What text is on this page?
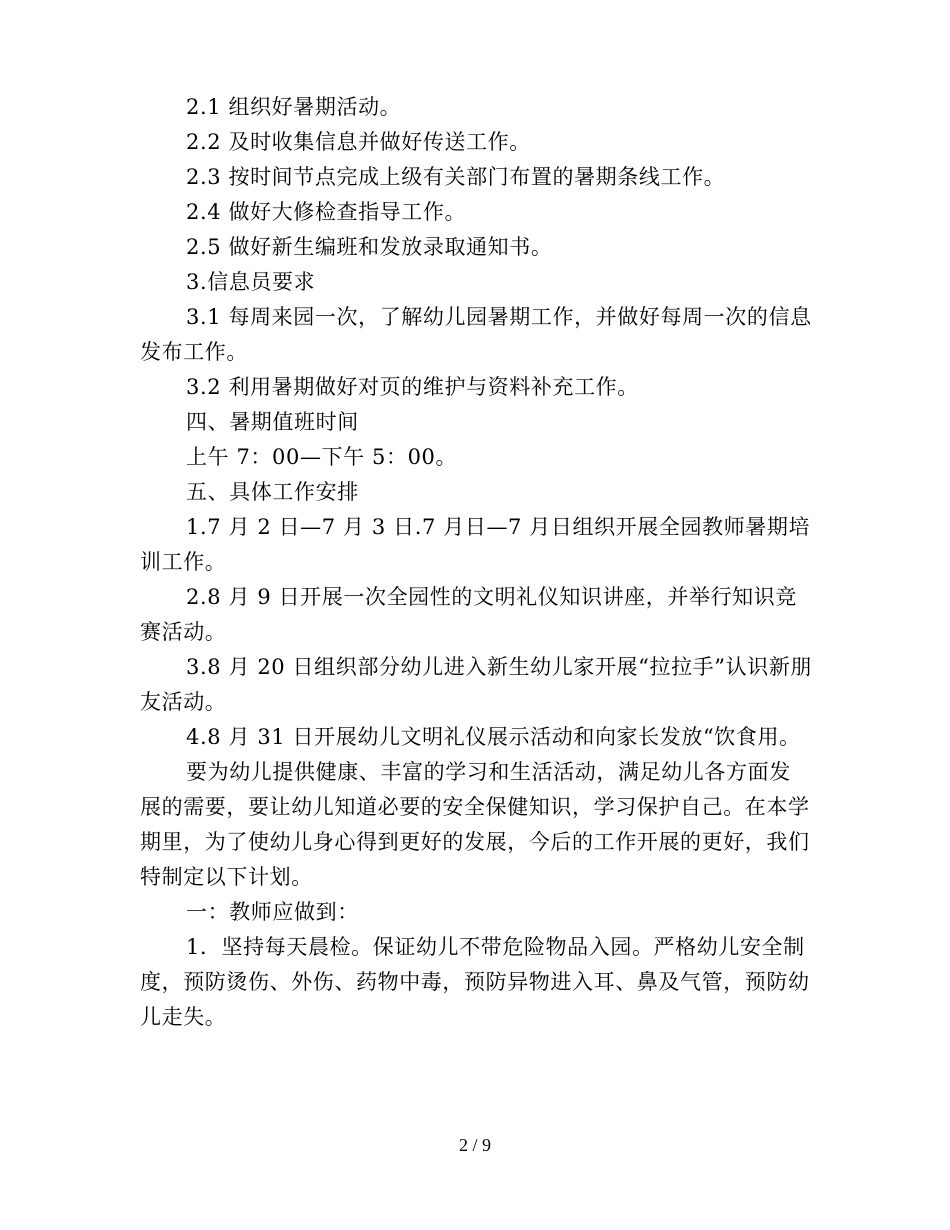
2.1 组织好暑期活动。

2.2 及时收集信息并做好传送工作。

2.3 按时间节点完成上级有关部门布置的暑期条线工作。

2.4 做好大修检查指导工作。

2.5 做好新生编班和发放录取通知书。

3.信息员要求

3.1 每周来园一次，了解幼儿园暑期工作，并做好每周一次的信息发布工作。

3.2 利用暑期做好对页的维护与资料补充工作。

四、暑期值班时间

上午 7：00—下午 5：00。

五、具体工作安排

1.7 月 2 日—7 月 3 日.7 月日—7 月日组织开展全园教师暑期培训工作。

2.8 月 9 日开展一次全园性的文明礼仪知识讲座，并举行知识竞赛活动。

3.8 月 20 日组织部分幼儿进入新生幼儿家开展“拉拉手”认识新朋友活动。

4.8 月 31 日开展幼儿文明礼仪展示活动和向家长发放“饮食用。

要为幼儿提供健康、丰富的学习和生活活动，满足幼儿各方面发展的需要，要让幼儿知道必要的安全保健知识，学习保护自己。在本学期里，为了使幼儿身心得到更好的发展，今后的工作开展的更好，我们特制定以下计划。

一：教师应做到：

1．坚持每天晨检。保证幼儿不带危险物品入园。严格幼儿安全制度，预防烫伤、外伤、药物中毒，预防异物进入耳、鼻及气管，预防幼儿走失。

2 / 9
